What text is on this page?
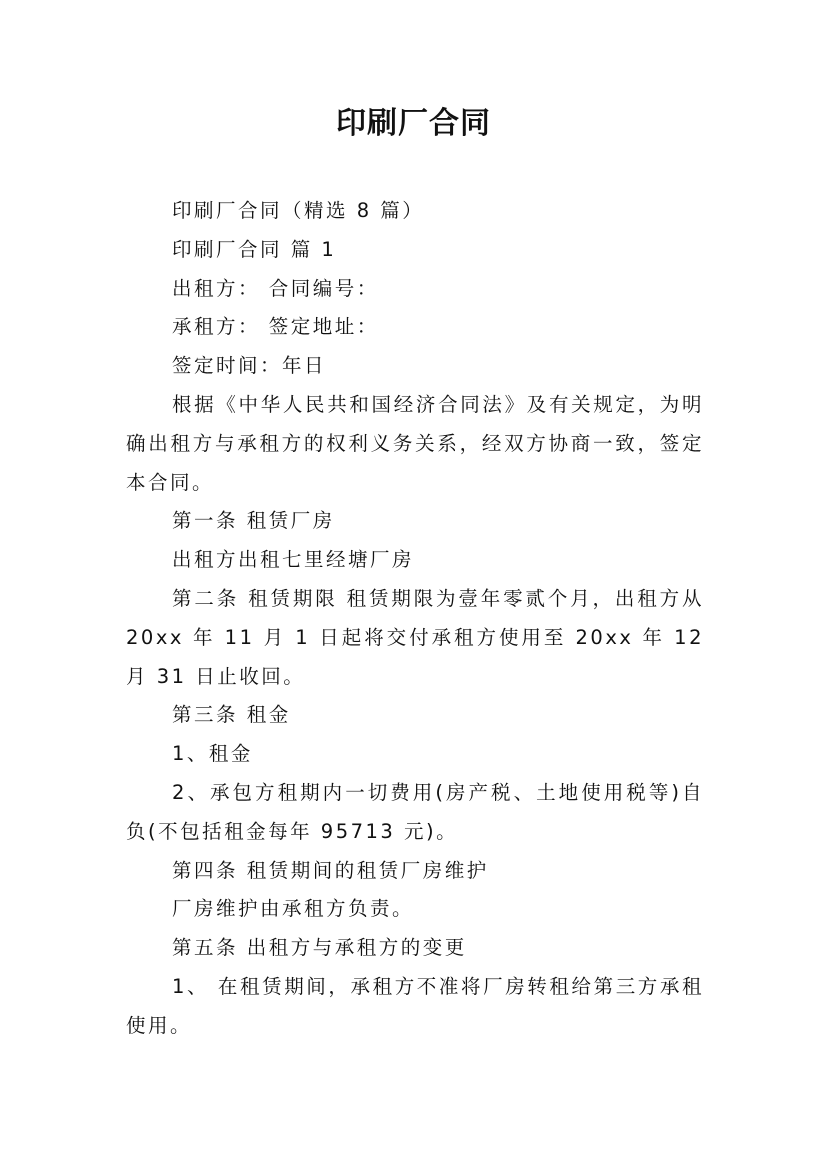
印刷厂合同

印刷厂合同（精选 8 篇）

印刷厂合同 篇 1

出租方： 合同编号：

承租方： 签定地址：

签定时间：年日

根据《中华人民共和国经济合同法》及有关规定，为明确出租方与承租方的权利义务关系，经双方协商一致，签定本合同。

第一条 租赁厂房

出租方出租七里经塘厂房

第二条 租赁期限 租赁期限为壹年零贰个月，出租方从 20xx 年 11 月 1 日起将交付承租方使用至 20xx 年 12 月 31 日止收回。

第三条 租金

1、租金

2、承包方租期内一切费用(房产税、土地使用税等)自负(不包括租金每年 95713 元)。

第四条 租赁期间的租赁厂房维护

厂房维护由承租方负责。

第五条 出租方与承租方的变更

1、 在租赁期间，承租方不准将厂房转租给第三方承租使用。
